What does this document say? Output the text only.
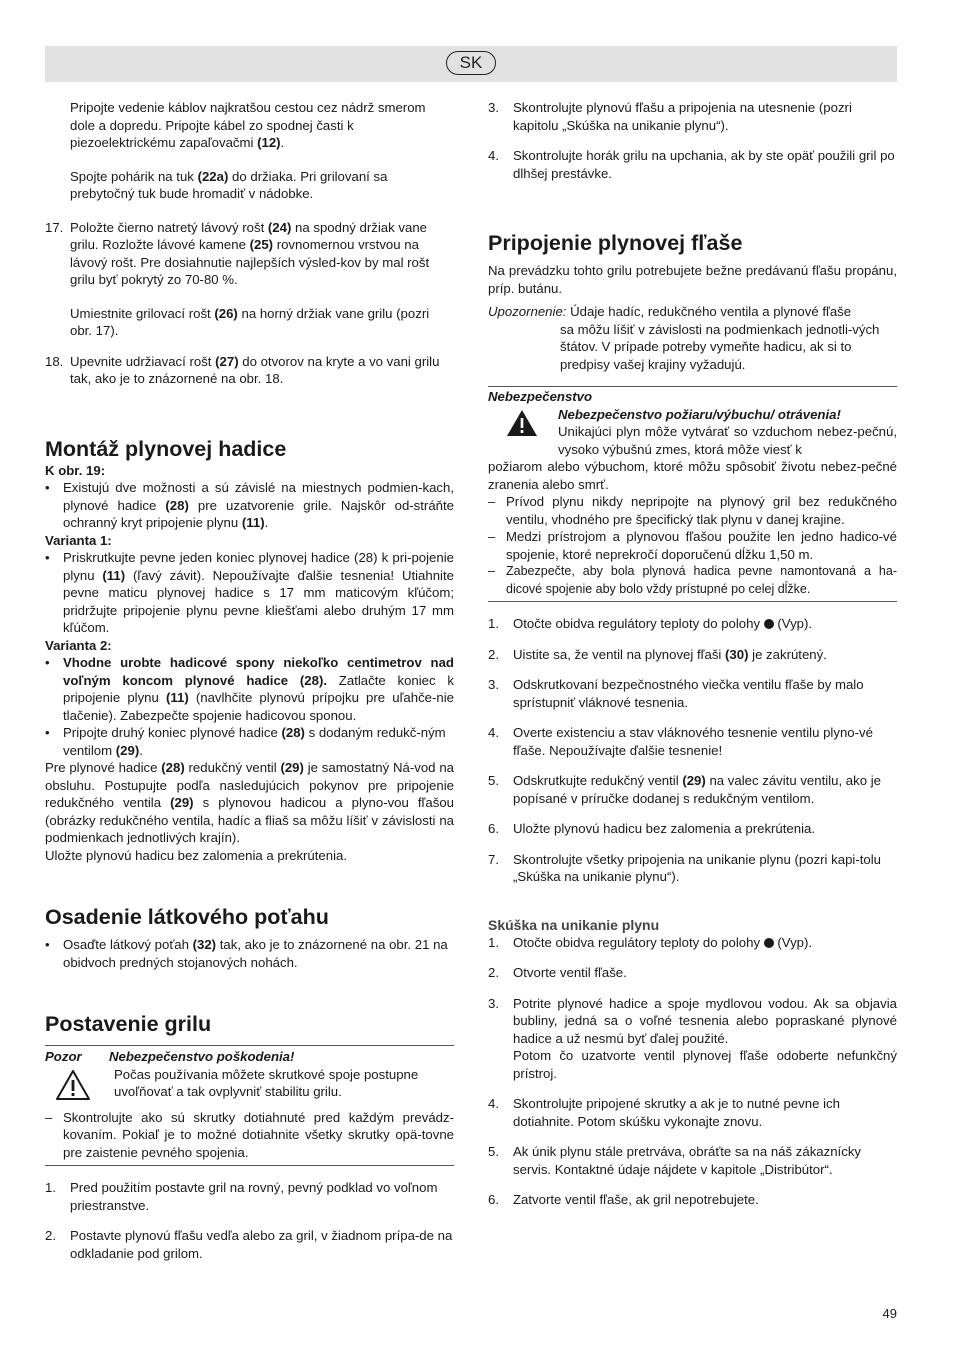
SK

Pripojte vedenie káblov najkratšou cestou cez nádrž smerom dole a dopredu. Pripojte kábel zo spodnej časti k piezoelektrickému zapaľovačmi (12).

Spojte pohárik na tuk (22a) do držiaka. Pri grilovaní sa prebytočný tuk bude hromadiť v nádobke.

17. Položte čierno natretý lávový rošt (24) na spodný držiak vane grilu. Rozložte lávové kamene (25) rovnomernou vrstvou na lávový rošt. Pre dosiahnutie najlepších výsled-kov by mal rošt grilu byť pokrytý zo 70-80 %.

Umiestnite grilovací rošt (26) na horný držiak vane grilu (pozri obr. 17).

18. Upevnite udržiavací rošt (27) do otvorov na kryte a vo vani grilu tak, ako je to znázornené na obr. 18.

Montáž plynovej hadice

K obr. 19:

• Existujú dve možnosti a sú závislé na miestnych podmien-kach, plynové hadice (28) pre uzatvorenie grile. Najskôr od-stráňte ochranný kryt pripojenie plynu (11).

Varianta 1:

• Priskrutkujte pevne jeden koniec plynovej hadice (28) k pri-pojenie plynu (11) (ľavý závit). Nepoužívajte ďalšie tesnenia! Utiahnite pevne maticu plynovej hadice s 17 mm maticovým kľúčom; pridržujte pripojenie plynu pevne kliešťami alebo druhým 17 mm kľúčom.

Varianta 2:

• Vhodne urobte hadicové spony niekoľko centimetrov nad voľným koncom plynové hadice (28). Zatlačte koniec k pripojenie plynu (11) (navlhčite plynovú prípojku pre uľahče-nie tlačenie). Zabezpečte spojenie hadicovou sponou.

• Pripojte druhý koniec plynové hadice (28) s dodaným redukč-ným ventilom (29).

Pre plynové hadice (28) redukčný ventil (29) je samostatný Ná-vod na obsluhu. Postupujte podľa nasledujúcich pokynov pre pripojenie redukčného ventila (29) s plynovou hadicou a plyno-vou fľašou (obrázky redukčného ventila, hadíc a fliaš sa môžu líšiť v závislosti na podmienkach jednotlivých krajín).

Uložte plynovú hadicu bez zalomenia a prekrútenia.

Osadenie látkového poťahu
• Osaďte látkový poťah (32) tak, ako je to znázornené na obr. 21 na obidvoch predných stojanových nohách.

Postavenie grilu

Pozor Nebezpečenstvo poškodenia!

Počas používania môžete skrutkové spoje postupne uvoľňovať a tak ovplyvniť stabilitu grilu.

– Skontrolujte ako sú skrutky dotiahnuté pred každým prevádz-kovaním. Pokiaľ je to možné dotiahnite všetky skrutky opä-tovne pre zaistenie pevného spojenia.

1. Pred použitím postavte gril na rovný, pevný podklad vo voľnom priestranstve.

2. Postavte plynovú fľašu vedľa alebo za gril, v žiadnom prípa-de na odkladanie pod grilom.

3. Skontrolujte plynovú fľašu a pripojenia na utesnenie (pozri kapitolu „Skúška na unikanie plynu“).

4. Skontrolujte horák grilu na upchania, ak by ste opäť použili gril po dlhšej prestávke.

Pripojenie plynovej fľaše

Na prevádzku tohto grilu potrebujete bežne predávanú fľašu propánu, príp. butánu.

Upozornenie: Údaje hadíc, redukčného ventila a plynové fľaše

sa môžu líšiť v závislosti na podmienkach jednotli-vých štátov. V prípade potreby vymeňte hadicu, ak si to predpisy vašej krajiny vyžadujú.

Nebezpečenstvo

Nebezpečenstvo požiaru/výbuchu/ otrávenia!

Unikajúci plyn môže vytvárať so vzduchom nebez-pečnú, vysoko výbušnú zmes, ktorá môže viesť k

požiarom alebo výbuchom, ktoré môžu spôsobiť životu nebez-pečné zranenia alebo smrť.

– Prívod plynu nikdy nepripojte na plynový gril bez redukčného ventilu, vhodného pre špecifický tlak plynu v danej krajine.

– Medzi prístrojom a plynovou fľašou použite len jedno hadico-vé spojenie, ktoré neprekročí doporučenú dĺžku 1,50 m.

– Zabezpečte, aby bola plynová hadica pevne namontovaná a ha-dicové spojenie aby bolo vždy prístupné po celej dĺžke.

1. Otočte obidva regulátory teploty do polohy  (Vyp).

2. Uistite sa, že ventil na plynovej fľaši (30) je zakrútený.

3. Odskrutkovaní bezpečnostného viečka ventilu fľaše by malo sprístupniť vláknové tesnenia.

4. Overte existenciu a stav vláknového tesnenie ventilu plyno-vé fľaše. Nepoužívajte ďalšie tesnenie!

5. Odskrutkujte redukčný ventil (29) na valec závitu ventilu, ako je popísané v príručke dodanej s redukčným ventilom.

6. Uložte plynovú hadicu bez zalomenia a prekrútenia.

7. Skontrolujte všetky pripojenia na unikanie plynu (pozri kapi-tolu „Skúška na unikanie plynu“).

Skúška na unikanie plynu
1. Otočte obidva regulátory teploty do polohy  (Vyp).

2. Otvorte ventil fľaše.

3. Potrite plynové hadice a spoje mydlovou vodou. Ak sa objavia bubliny, jedná sa o voľné tesnenia alebo popraskané plynové hadice a už nesmú byť ďalej použité.

Potom čo uzatvorte ventil plynovej fľaše odoberte nefunkčný prístroj.

4. Skontrolujte pripojené skrutky a ak je to nutné pevne ich dotiahnite. Potom skúšku vykonajte znovu.

5. Ak únik plynu stále pretrváva, obráťte sa na náš zákaznícky servis. Kontaktné údaje nájdete v kapitole „Distribútor“.

6. Zatvorte ventil fľaše, ak gril nepotrebujete.

49
